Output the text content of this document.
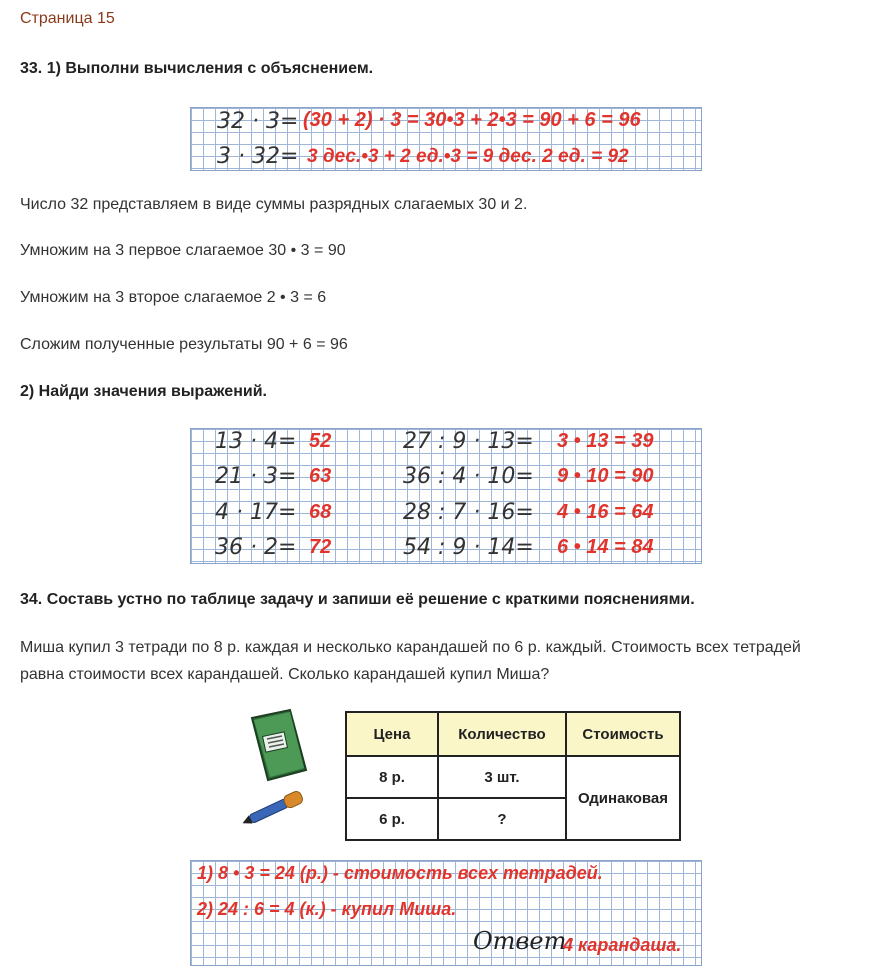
Страница 15
33. 1) Выполни вычисления с объяснением.
32 · 3= (30 + 2) · 3 = 30•3 + 2•3 = 90 + 6 = 96
3 · 32= 3 дес.•3 + 2 ед.•3 = 9 дес. 2 ед. = 92
Число 32 представляем в виде суммы разрядных слагаемых 30 и 2.
Умножим на 3 первое слагаемое 30 • 3 = 90
Умножим на 3 второе слагаемое 2 • 3 = 6
Сложим полученные результаты 90 + 6 = 96
2) Найди значения выражений.
13 · 4= 52
21 · 3= 63
4 · 17= 68
36 · 2= 72
27 : 9 · 13= 3 • 13 = 39
36 : 4 · 10= 9 • 10 = 90
28 : 7 · 16= 4 • 16 = 64
54 : 9 · 14= 6 • 14 = 84
34. Составь устно по таблице задачу и запиши её решение с краткими пояснениями.
Миша купил 3 тетради по 8 р. каждая и несколько карандашей по 6 р. каждый. Стоимость всех тетрадей равна стоимости всех карандашей. Сколько карандашей купил Миша?
Цена	Количество	Стоимость
8 р.	3 шт.	Одинаковая
6 р.	?	
1) 8 • 3 = 24 (р.) - стоимость всех тетрадей.
2) 24 : 6 = 4 (к.) - купил Миша.
Ответ:
4 карандаша.
